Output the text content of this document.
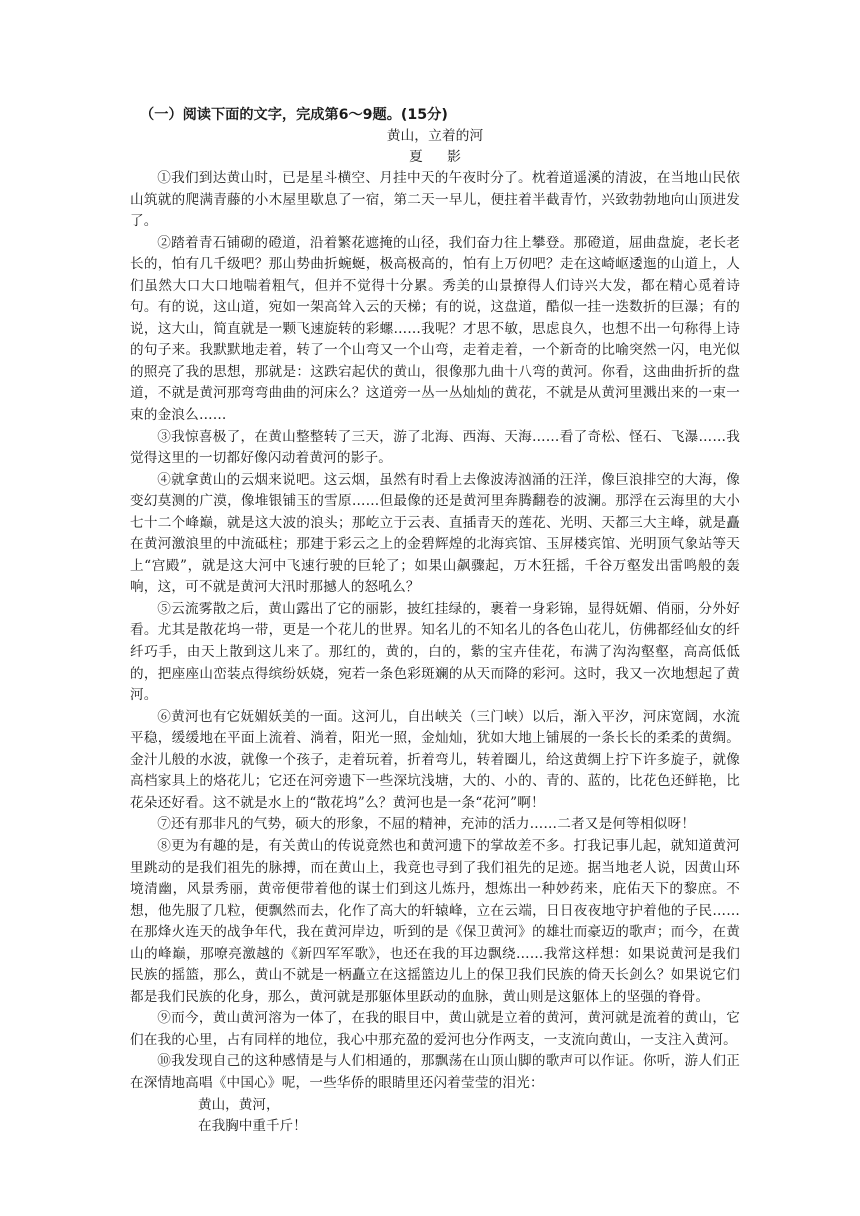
（一）阅读下面的文字，完成第6～9题。(15分)
黄山，立着的河
夏 影

①我们到达黄山时，已是星斗横空、月挂中天的午夜时分了。枕着道遥溪的清波，在当地山民依山筑就的爬满青藤的小木屋里歇息了一宿，第二天一早儿，便拄着半截青竹，兴致勃勃地向山顶进发了。

②踏着青石铺砌的磴道，沿着繁花遮掩的山径，我们奋力往上攀登。那磴道，屈曲盘旋，老长老长的，怕有几千级吧？那山势曲折蜿蜒，极高极高的，怕有上万仞吧？走在这崎岖逶迤的山道上，人们虽然大口大口地喘着粗气，但并不觉得十分累。秀美的山景撩得人们诗兴大发，都在精心觅着诗句。有的说，这山道，宛如一架高耸入云的天梯；有的说，这盘道，酷似一挂一迭数折的巨瀑；有的说，这大山，简直就是一颗飞速旋转的彩螺……我呢？才思不敏，思虑良久，也想不出一句称得上诗的句子来。我默默地走着，转了一个山弯又一个山弯，走着走着，一个新奇的比喻突然一闪，电光似的照亮了我的思想，那就是：这跌宕起伏的黄山，很像那九曲十八弯的黄河。你看，这曲曲折折的盘道，不就是黄河那弯弯曲曲的河床么？这道旁一丛一丛灿灿的黄花，不就是从黄河里溅出来的一束一束的金浪么……

③我惊喜极了，在黄山整整转了三天，游了北海、西海、天海……看了奇松、怪石、飞瀑……我觉得这里的一切都好像闪动着黄河的影子。

④就拿黄山的云烟来说吧。这云烟，虽然有时看上去像波涛汹涌的汪洋，像巨浪排空的大海，像变幻莫测的广漠，像堆银铺玉的雪原……但最像的还是黄河里奔腾翻卷的波澜。那浮在云海里的大小七十二个峰巅，就是这大波的浪头；那屹立于云表、直插青天的莲花、光明、天都三大主峰，就是矗在黄河激浪里的中流砥柱；那建于彩云之上的金碧辉煌的北海宾馆、玉屏楼宾馆、光明顶气象站等天上“宫殿”，就是这大河中飞速行驶的巨轮了；如果山飙骤起，万木狂摇，千谷万壑发出雷鸣般的轰响，这，可不就是黄河大汛时那撼人的怒吼么？

⑤云流雾散之后，黄山露出了它的丽影，披红挂绿的，裹着一身彩锦，显得妩媚、俏丽，分外好看。尤其是散花坞一带，更是一个花儿的世界。知名儿的不知名儿的各色山花儿，仿佛都经仙女的纤纤巧手，由天上散到这儿来了。那红的，黄的，白的，紫的宝卉佳花，布满了沟沟壑壑，高高低低的，把座座山峦装点得缤纷妖娆，宛若一条色彩斑斓的从天而降的彩河。这时，我又一次地想起了黄河。

⑥黄河也有它妩媚妖美的一面。这河儿，自出峡关（三门峡）以后，渐入平汐，河床宽阔，水流平稳，缓缓地在平面上流着、淌着，阳光一照，金灿灿，犹如大地上铺展的一条长长的柔柔的黄绸。金汁儿般的水波，就像一个孩子，走着玩着，折着弯儿，转着圈儿，给这黄绸上拧下许多旋子，就像高档家具上的烙花儿；它还在河旁遗下一些深坑浅塘，大的、小的、青的、蓝的，比花色还鲜艳，比花朵还好看。这不就是水上的“散花坞”么？黄河也是一条“花河”啊！

⑦还有那非凡的气势，硕大的形象，不屈的精神，充沛的活力……二者又是何等相似呀！

⑧更为有趣的是，有关黄山的传说竟然也和黄河遗下的掌故差不多。打我记事儿起，就知道黄河里跳动的是我们祖先的脉搏，而在黄山上，我竟也寻到了我们祖先的足迹。据当地老人说，因黄山环境清幽，风景秀丽，黄帝便带着他的谋士们到这儿炼丹，想炼出一种妙药来，庇佑天下的黎庶。不想，他先服了几粒，便飘然而去，化作了高大的轩辕峰，立在云端，日日夜夜地守护着他的子民……在那烽火连天的战争年代，我在黄河岸边，听到的是《保卫黄河》的雄壮而豪迈的歌声；而今，在黄山的峰巅，那嘹亮激越的《新四军军歌》，也还在我的耳边飘绕……我常这样想：如果说黄河是我们民族的摇篮，那么，黄山不就是一柄矗立在这摇篮边儿上的保卫我们民族的倚天长剑么？如果说它们都是我们民族的化身，那么，黄河就是那躯体里跃动的血脉，黄山则是这躯体上的坚强的脊骨。

⑨而今，黄山黄河溶为一体了，在我的眼目中，黄山就是立着的黄河，黄河就是流着的黄山，它们在我的心里，占有同样的地位，我心中那充盈的爱河也分作两支，一支流向黄山，一支注入黄河。

⑩我发现自己的这种感情是与人们相通的，那飘荡在山顶山脚的歌声可以作证。你听，游人们正在深情地高唱《中国心》呢，一些华侨的眼睛里还闪着莹莹的泪光：

黄山，黄河，

在我胸中重千斤！
